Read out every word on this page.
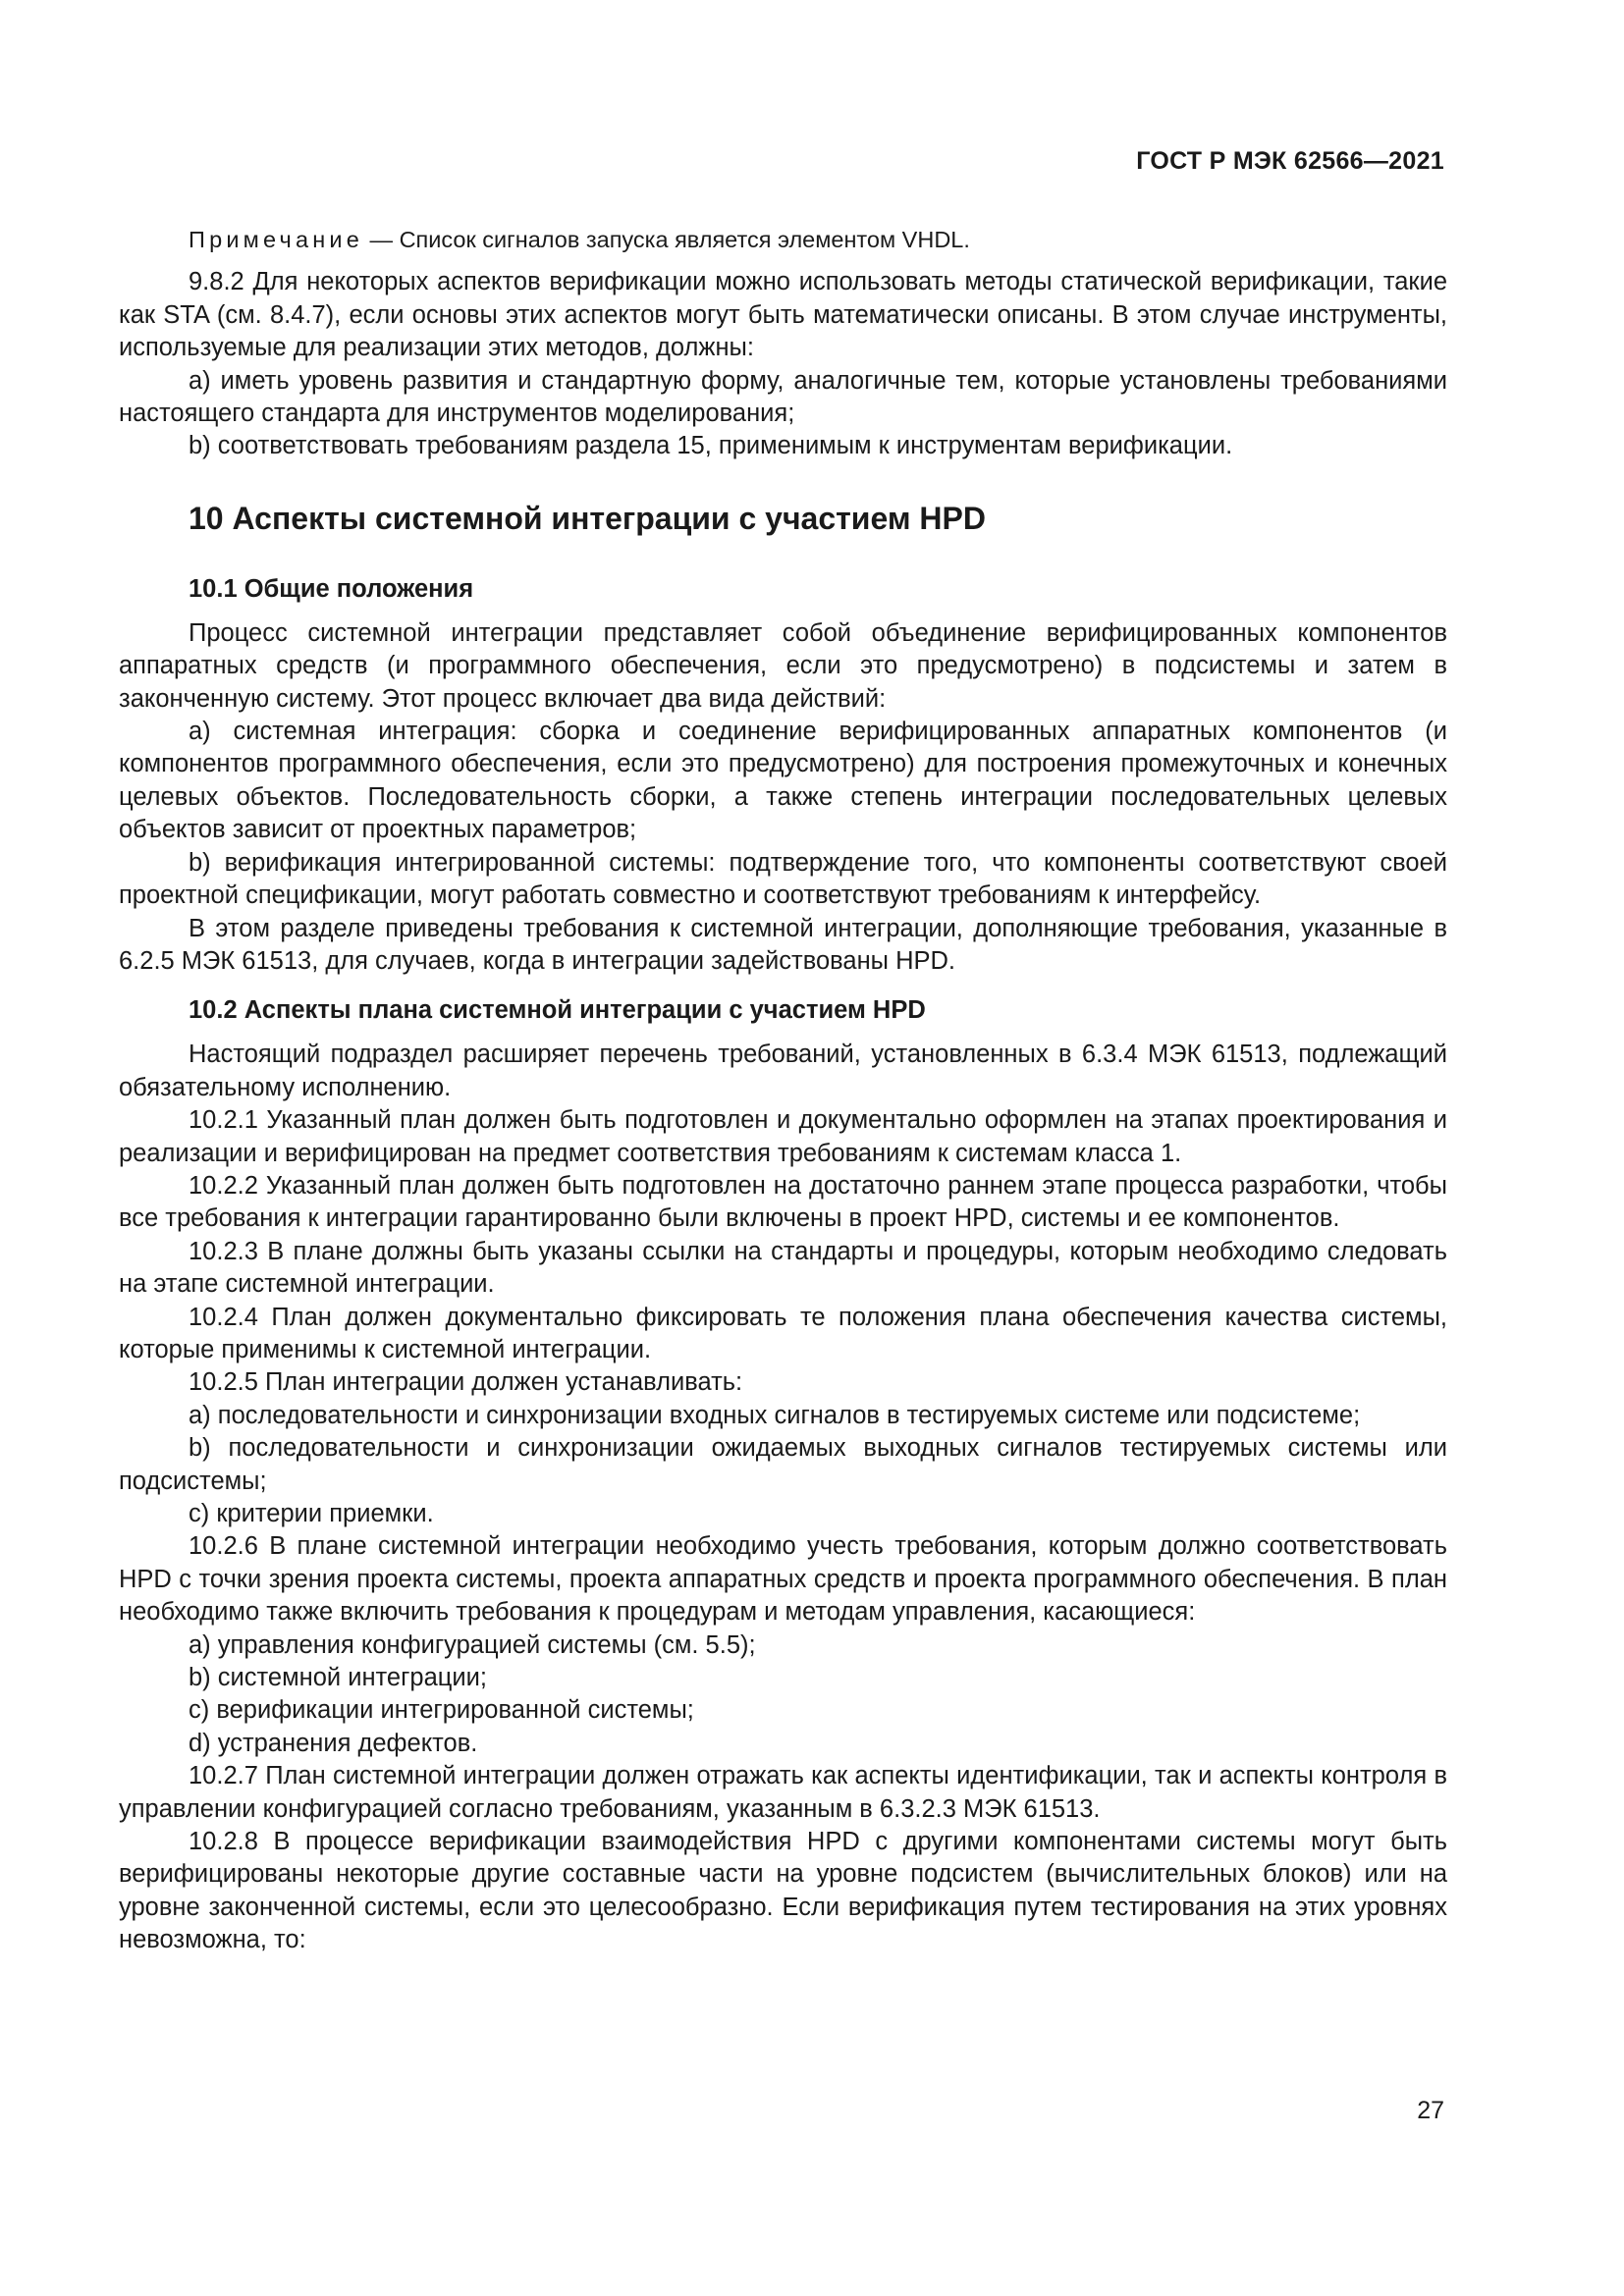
ГОСТ Р МЭК 62566—2021

Примечание — Список сигналов запуска является элементом VHDL.

9.8.2 Для некоторых аспектов верификации можно использовать методы статической верификации, такие как STA (см. 8.4.7), если основы этих аспектов могут быть математически описаны. В этом случае инструменты, используемые для реализации этих методов, должны:

a) иметь уровень развития и стандартную форму, аналогичные тем, которые установлены требованиями настоящего стандарта для инструментов моделирования;

b) соответствовать требованиям раздела 15, применимым к инструментам верификации.

10 Аспекты системной интеграции с участием HPD
10.1 Общие положения

Процесс системной интеграции представляет собой объединение верифицированных компонентов аппаратных средств (и программного обеспечения, если это предусмотрено) в подсистемы и затем в законченную систему. Этот процесс включает два вида действий:

a) системная интеграция: сборка и соединение верифицированных аппаратных компонентов (и компонентов программного обеспечения, если это предусмотрено) для построения промежуточных и конечных целевых объектов. Последовательность сборки, а также степень интеграции последовательных целевых объектов зависит от проектных параметров;

b) верификация интегрированной системы: подтверждение того, что компоненты соответствуют своей проектной спецификации, могут работать совместно и соответствуют требованиям к интерфейсу.

В этом разделе приведены требования к системной интеграции, дополняющие требования, указанные в 6.2.5 МЭК 61513, для случаев, когда в интеграции задействованы HPD.

10.2 Аспекты плана системной интеграции с участием HPD

Настоящий подраздел расширяет перечень требований, установленных в 6.3.4 МЭК 61513, подлежащий обязательному исполнению.

10.2.1 Указанный план должен быть подготовлен и документально оформлен на этапах проектирования и реализации и верифицирован на предмет соответствия требованиям к системам класса 1.

10.2.2 Указанный план должен быть подготовлен на достаточно раннем этапе процесса разработки, чтобы все требования к интеграции гарантированно были включены в проект HPD, системы и ее компонентов.

10.2.3 В плане должны быть указаны ссылки на стандарты и процедуры, которым необходимо следовать на этапе системной интеграции.

10.2.4 План должен документально фиксировать те положения плана обеспечения качества системы, которые применимы к системной интеграции.

10.2.5 План интеграции должен устанавливать:

a) последовательности и синхронизации входных сигналов в тестируемых системе или подсистеме;

b) последовательности и синхронизации ожидаемых выходных сигналов тестируемых системы или подсистемы;

c) критерии приемки.

10.2.6 В плане системной интеграции необходимо учесть требования, которым должно соответствовать HPD с точки зрения проекта системы, проекта аппаратных средств и проекта программного обеспечения. В план необходимо также включить требования к процедурам и методам управления, касающиеся:

a) управления конфигурацией системы (см. 5.5);

b) системной интеграции;

c) верификации интегрированной системы;

d) устранения дефектов.

10.2.7 План системной интеграции должен отражать как аспекты идентификации, так и аспекты контроля в управлении конфигурацией согласно требованиям, указанным в 6.3.2.3 МЭК 61513.

10.2.8 В процессе верификации взаимодействия HPD с другими компонентами системы могут быть верифицированы некоторые другие составные части на уровне подсистем (вычислительных блоков) или на уровне законченной системы, если это целесообразно. Если верификация путем тестирования на этих уровнях невозможна, то:

27
